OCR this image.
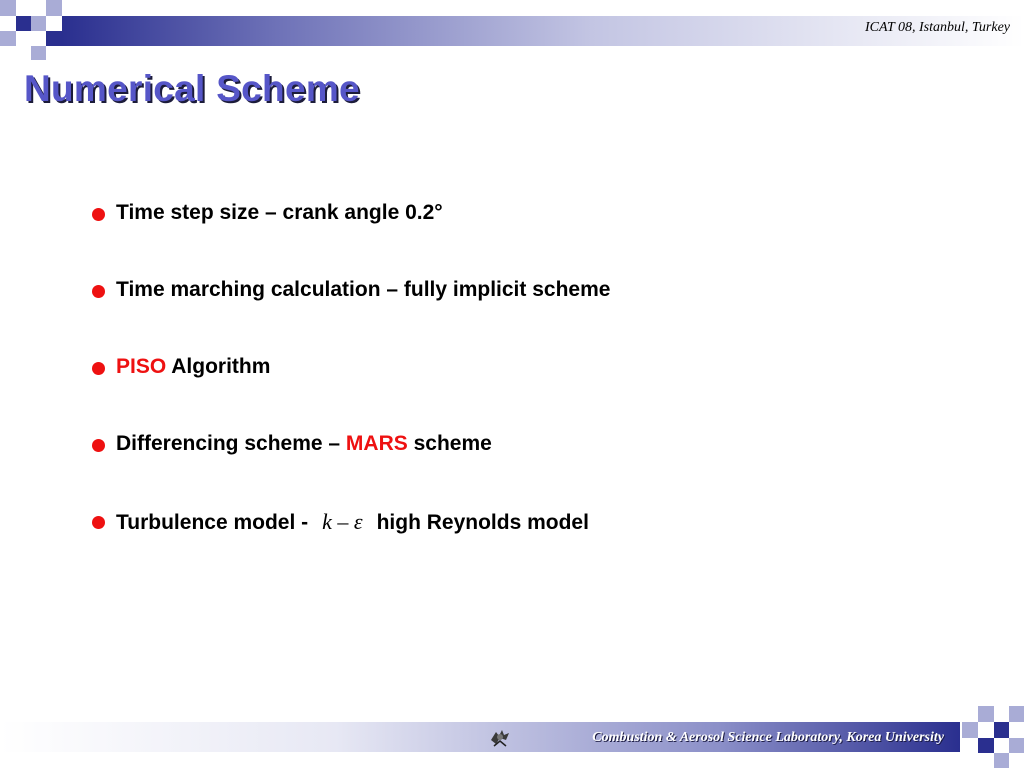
ICAT 08, Istanbul, Turkey
Numerical Scheme
Time step size – crank angle 0.2°
Time marching calculation – fully implicit scheme
PISO Algorithm
Differencing scheme – MARS scheme
Turbulence model - k – ε high Reynolds model
Combustion & Aerosol Science Laboratory, Korea University
